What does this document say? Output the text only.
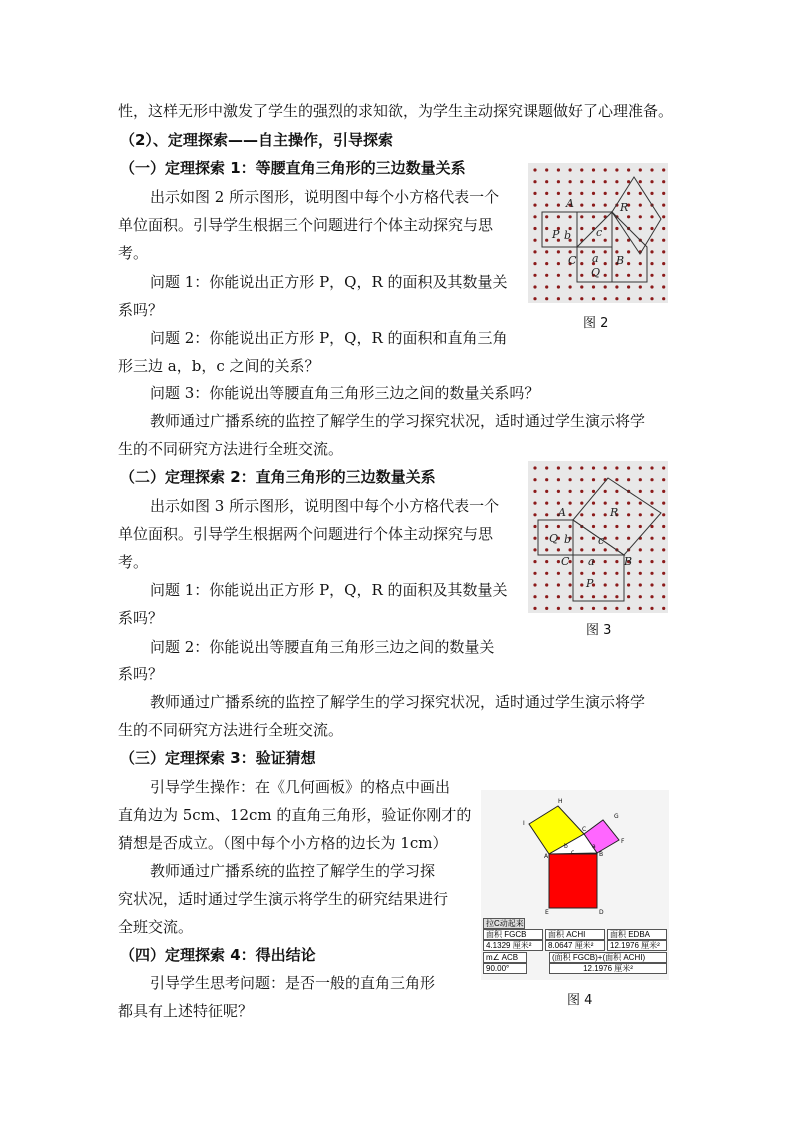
性，这样无形中激发了学生的强烈的求知欲，为学生主动探究课题做好了心理准备。
（2）、定理探索——自主操作，引导探索
（一）定理探索 1：等腰直角三角形的三边数量关系
出示如图 2 所示图形，说明图中每个小方格代表一个
单位面积。引导学生根据三个问题进行个体主动探究与思
考。
问题 1：你能说出正方形 P，Q，R 的面积及其数量关
系吗？
问题 2：你能说出正方形 P，Q，R 的面积和直角三角
形三边 a，b，c 之间的关系？
问题 3：你能说出等腰直角三角形三边之间的数量关系吗？
教师通过广播系统的监控了解学生的学习探究状况，适时通过学生演示将学
生的不同研究方法进行全班交流。
（二）定理探索 2：直角三角形的三边数量关系
出示如图 3 所示图形，说明图中每个小方格代表一个
单位面积。引导学生根据两个问题进行个体主动探究与思
考。
问题 1：你能说出正方形 P，Q，R 的面积及其数量关
系吗？
问题 2：你能说出等腰直角三角形三边之间的数量关
系吗？
教师通过广播系统的监控了解学生的学习探究状况，适时通过学生演示将学
生的不同研究方法进行全班交流。
（三）定理探索 3：验证猜想
引导学生操作：在《几何画板》的格点中画出
直角边为 5cm、12cm 的直角三角形，验证你刚才的
猜想是否成立。（图中每个小方格的边长为 1cm）
教师通过广播系统的监控了解学生的学习探
究状况，适时通过学生演示将学生的研究结果进行
全班交流。
（四）定理探索 4：得出结论
引导学生思考问题：是否一般的直角三角形
都具有上述特征呢？
A	R
P b c
C a B
Q
图 2
A	R
Q b c
C a	B
P
图 3
H
I
G
F
C
A	B
b
c
a
E	D
拉C动起来
面积 FGCB	面积 ACHI	面积 EDBA
4.1329 厘米²	8.0647 厘米²	12.1976 厘米²
m∠ ACB	(面积 FGCB)+(面积 ACHI)
90.00°	12.1976 厘米²
图 4
